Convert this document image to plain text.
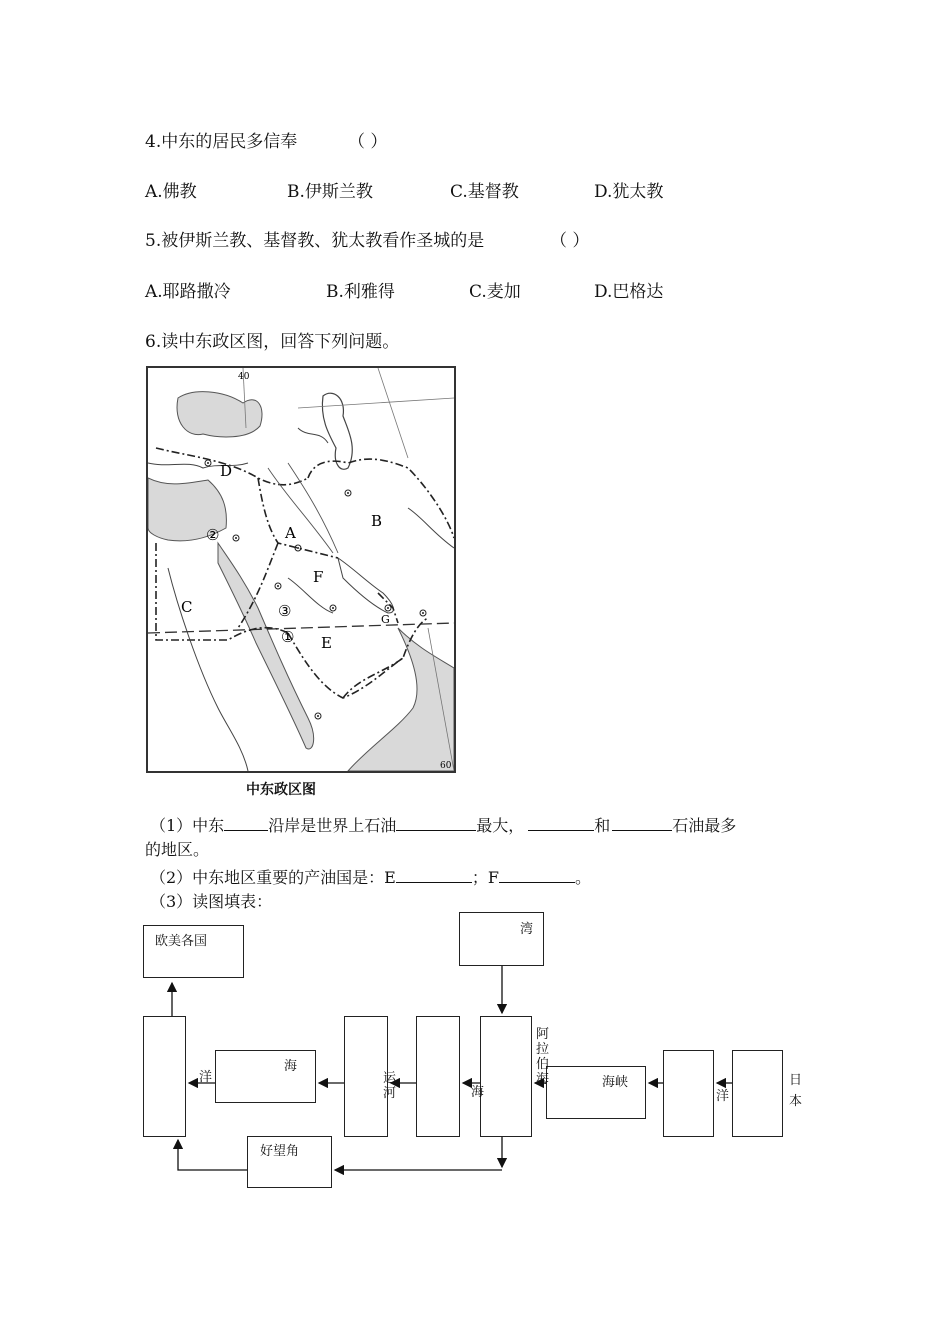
4.中东的居民多信奉	（ ）
A.佛教	B.伊斯兰教	C.基督教	D.犹太教
5.被伊斯兰教、基督教、犹太教看作圣城的是	（ ）
A.耶路撒冷	B.利雅得	C.麦加	D.巴格达
6.读中东政区图，回答下列问题。
40
60
D
A
B
F
C
E
G
②
③
①
中东政区图
（1）中东	沿岸是世界上石油	最大，	和	石油最多
的地区。
（2）中东地区重要的产油国是：E	；F	。
（3）读图填表：
欧美各国
湾
海
海峡
好望角
洋	运河	海
阿拉伯海
洋
日本
